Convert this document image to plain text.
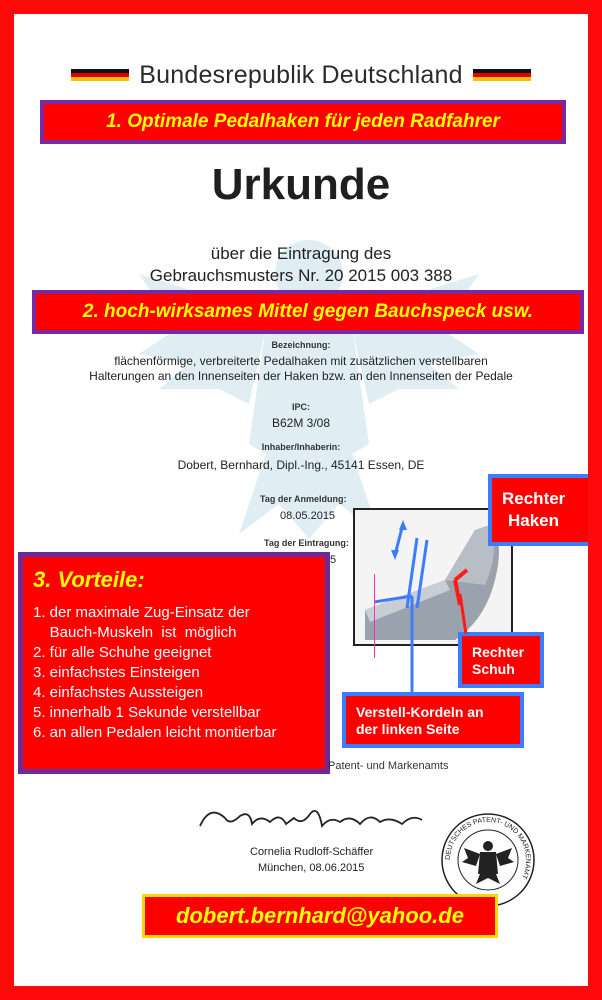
Bundesrepublik Deutschland
1. Optimale Pedalhaken für jeden Radfahrer
Urkunde
über die Eintragung des
Gebrauchsmusters Nr. 20 2015 003 388
2. hoch-wirksames Mittel gegen Bauchspeck usw.
Bezeichnung:
flächenförmige, verbreiterte Pedalhaken mit zusätzlichen verstellbaren
Halterungen an den Innenseiten der Haken bzw. an den Innenseiten der Pedale
IPC:
B62M 3/08
Inhaber/Inhaberin:
Dobert, Bernhard, Dipl.-Ing., 45141 Essen, DE
Tag der Anmeldung:
08.05.2015
Tag der Eintragung:
5
Rechter
Haken
Rechter
Schuh
Verstell-Kordeln an
der linken Seite
3. Vorteile:
1. der maximale Zug-Einsatz der
Bauch-Muskeln  ist  möglich
2. für alle Schuhe geeignet
3. einfachstes Einsteigen
4. einfachstes Aussteigen
5. innerhalb 1 Sekunde verstellbar
6. an allen Pedalen leicht montierbar
Patent- und Markenamts
Cornelia Rudloff-Schäffer
München, 08.06.2015
DEUTSCHES PATENT- UND MARKENAMT
dobert.bernhard@yahoo.de
